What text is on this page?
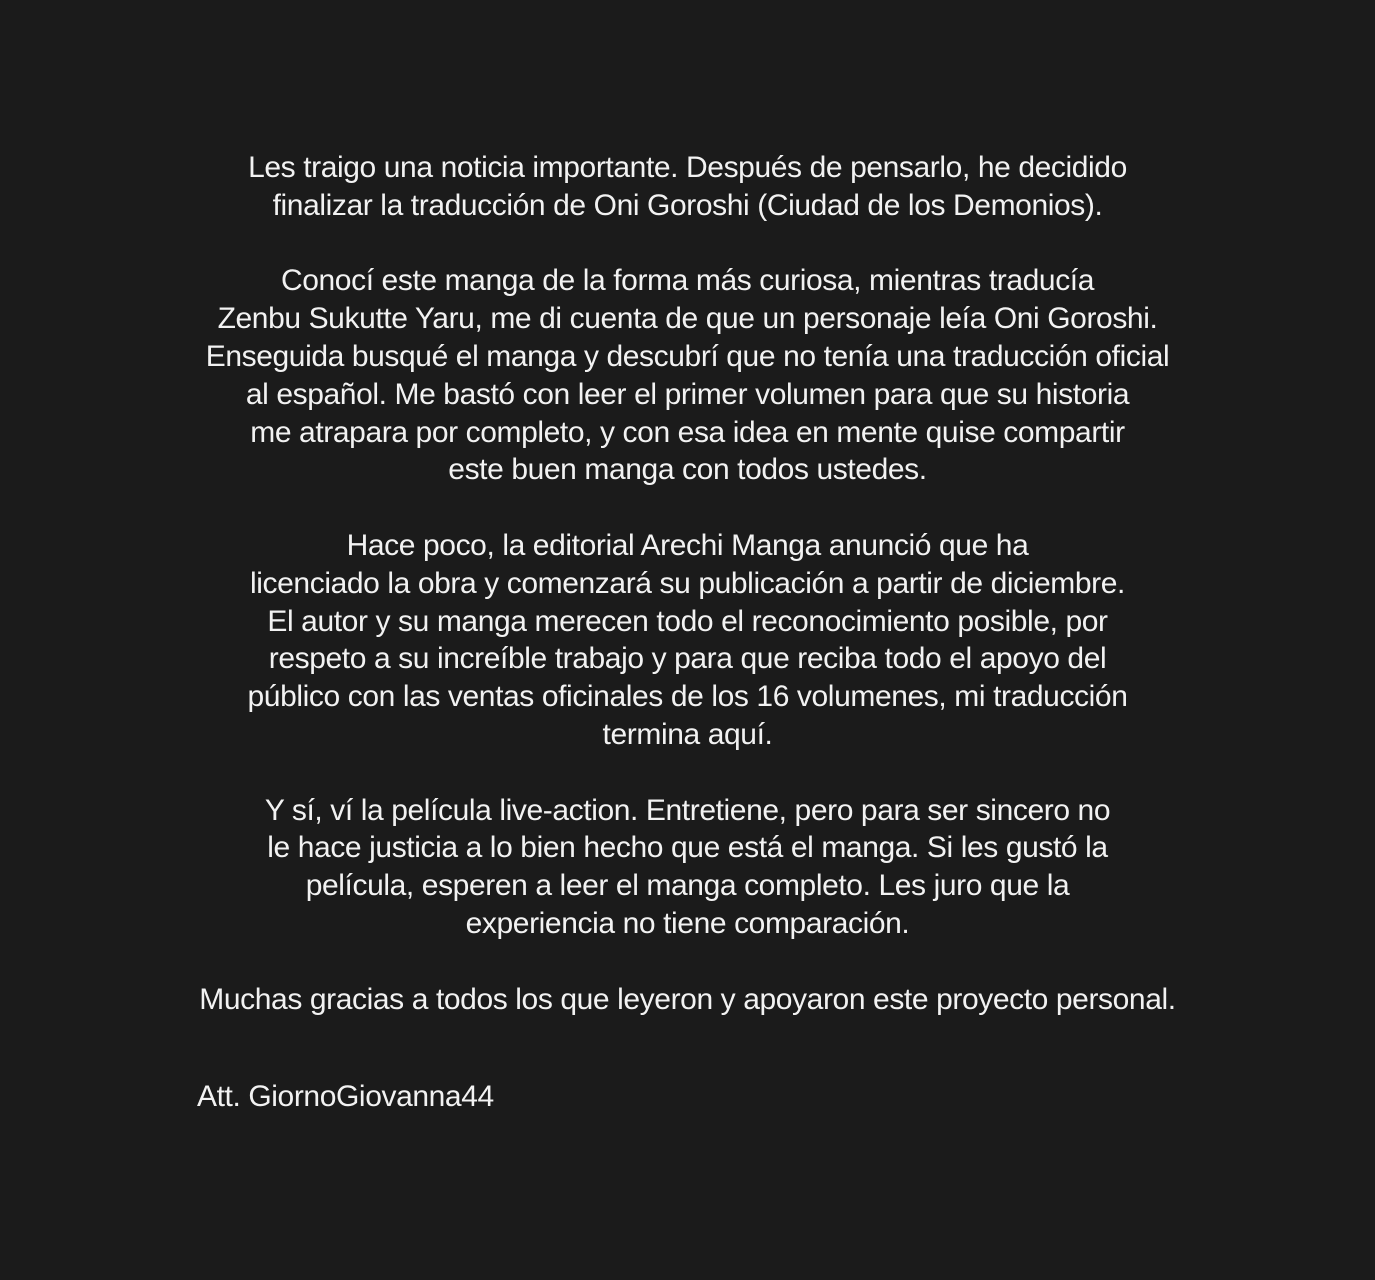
Les traigo una noticia importante. Después de pensarlo, he decidido
finalizar la traducción de Oni Goroshi (Ciudad de los Demonios).

Conocí este manga de la forma más curiosa, mientras traducía
Zenbu Sukutte Yaru, me di cuenta de que un personaje leía Oni Goroshi.
Enseguida busqué el manga y descubrí que no tenía una traducción oficial
al español. Me bastó con leer el primer volumen para que su historia
me atrapara por completo, y con esa idea en mente quise compartir
este buen manga con todos ustedes.

Hace poco, la editorial Arechi Manga anunció que ha
licenciado la obra y comenzará su publicación a partir de diciembre.
El autor y su manga merecen todo el reconocimiento posible, por
respeto a su increíble trabajo y para que reciba todo el apoyo del
público con las ventas oficinales de los 16 volumenes, mi traducción
termina aquí.

Y sí, ví la película live-action. Entretiene, pero para ser sincero no
le hace justicia a lo bien hecho que está el manga. Si les gustó la
película, esperen a leer el manga completo. Les juro que la
experiencia no tiene comparación.

Muchas gracias a todos los que leyeron y apoyaron este proyecto personal.

Att. GiornoGiovanna44
